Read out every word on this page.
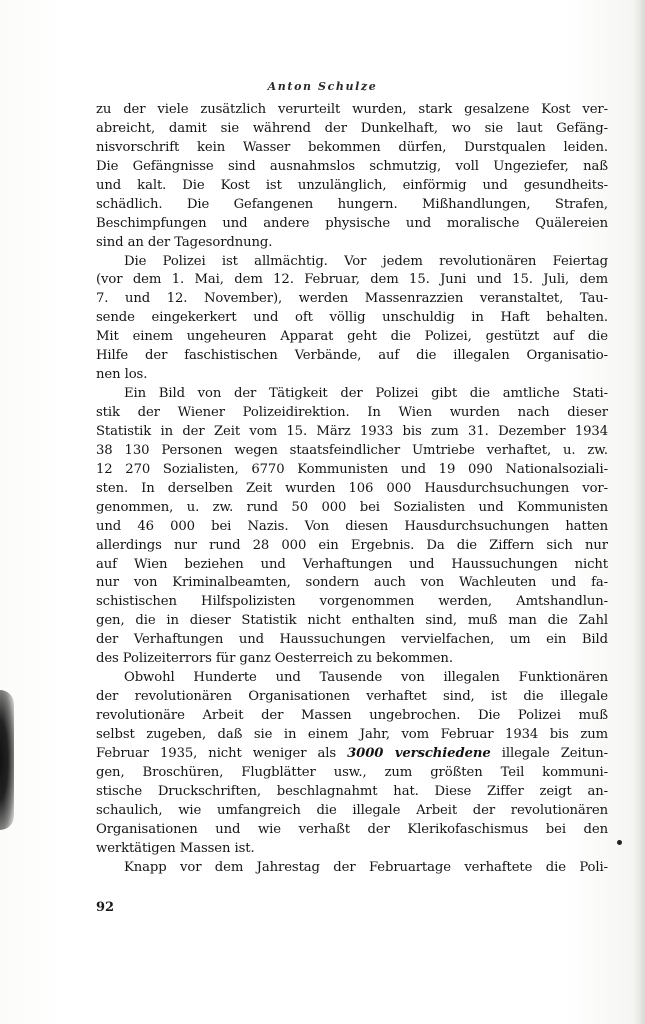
Anton Schulze
zu der viele zusätzlich verurteilt wurden, stark gesalzene Kost ver-
abreicht, damit sie während der Dunkelhaft, wo sie laut Gefäng-
nisvorschrift kein Wasser bekommen dürfen, Durstqualen leiden.
Die Gefängnisse sind ausnahmslos schmutzig, voll Ungeziefer, naß
und kalt. Die Kost ist unzulänglich, einförmig und gesundheits-
schädlich. Die Gefangenen hungern. Mißhandlungen, Strafen,
Beschimpfungen und andere physische und moralische Quälereien
sind an der Tagesordnung.
Die Polizei ist allmächtig. Vor jedem revolutionären Feiertag
(vor dem 1. Mai, dem 12. Februar, dem 15. Juni und 15. Juli, dem
7. und 12. November), werden Massenrazzien veranstaltet, Tau-
sende eingekerkert und oft völlig unschuldig in Haft behalten.
Mit einem ungeheuren Apparat geht die Polizei, gestützt auf die
Hilfe der faschistischen Verbände, auf die illegalen Organisatio-
nen los.
Ein Bild von der Tätigkeit der Polizei gibt die amtliche Stati-
stik der Wiener Polizeidirektion. In Wien wurden nach dieser
Statistik in der Zeit vom 15. März 1933 bis zum 31. Dezember 1934
38 130 Personen wegen staatsfeindlicher Umtriebe verhaftet, u. zw.
12 270 Sozialisten, 6770 Kommunisten und 19 090 Nationalsoziali-
sten. In derselben Zeit wurden 106 000 Hausdurchsuchungen vor-
genommen, u. zw. rund 50 000 bei Sozialisten und Kommunisten
und 46 000 bei Nazis. Von diesen Hausdurchsuchungen hatten
allerdings nur rund 28 000 ein Ergebnis. Da die Ziffern sich nur
auf Wien beziehen und Verhaftungen und Haussuchungen nicht
nur von Kriminalbeamten, sondern auch von Wachleuten und fa-
schistischen Hilfspolizisten vorgenommen werden, Amtshandlun-
gen, die in dieser Statistik nicht enthalten sind, muß man die Zahl
der Verhaftungen und Haussuchungen vervielfachen, um ein Bild
des Polizeiterrors für ganz Oesterreich zu bekommen.
Obwohl Hunderte und Tausende von illegalen Funktionären
der revolutionären Organisationen verhaftet sind, ist die illegale
revolutionäre Arbeit der Massen ungebrochen. Die Polizei muß
selbst zugeben, daß sie in einem Jahr, vom Februar 1934 bis zum
Februar 1935, nicht weniger als 3000 verschiedene illegale Zeitun-
gen, Broschüren, Flugblätter usw., zum größten Teil kommuni-
stische Druckschriften, beschlagnahmt hat. Diese Ziffer zeigt an-
schaulich, wie umfangreich die illegale Arbeit der revolutionären
Organisationen und wie verhaßt der Klerikofaschismus bei den
werktätigen Massen ist.
Knapp vor dem Jahrestag der Februartage verhaftete die Poli-
92
